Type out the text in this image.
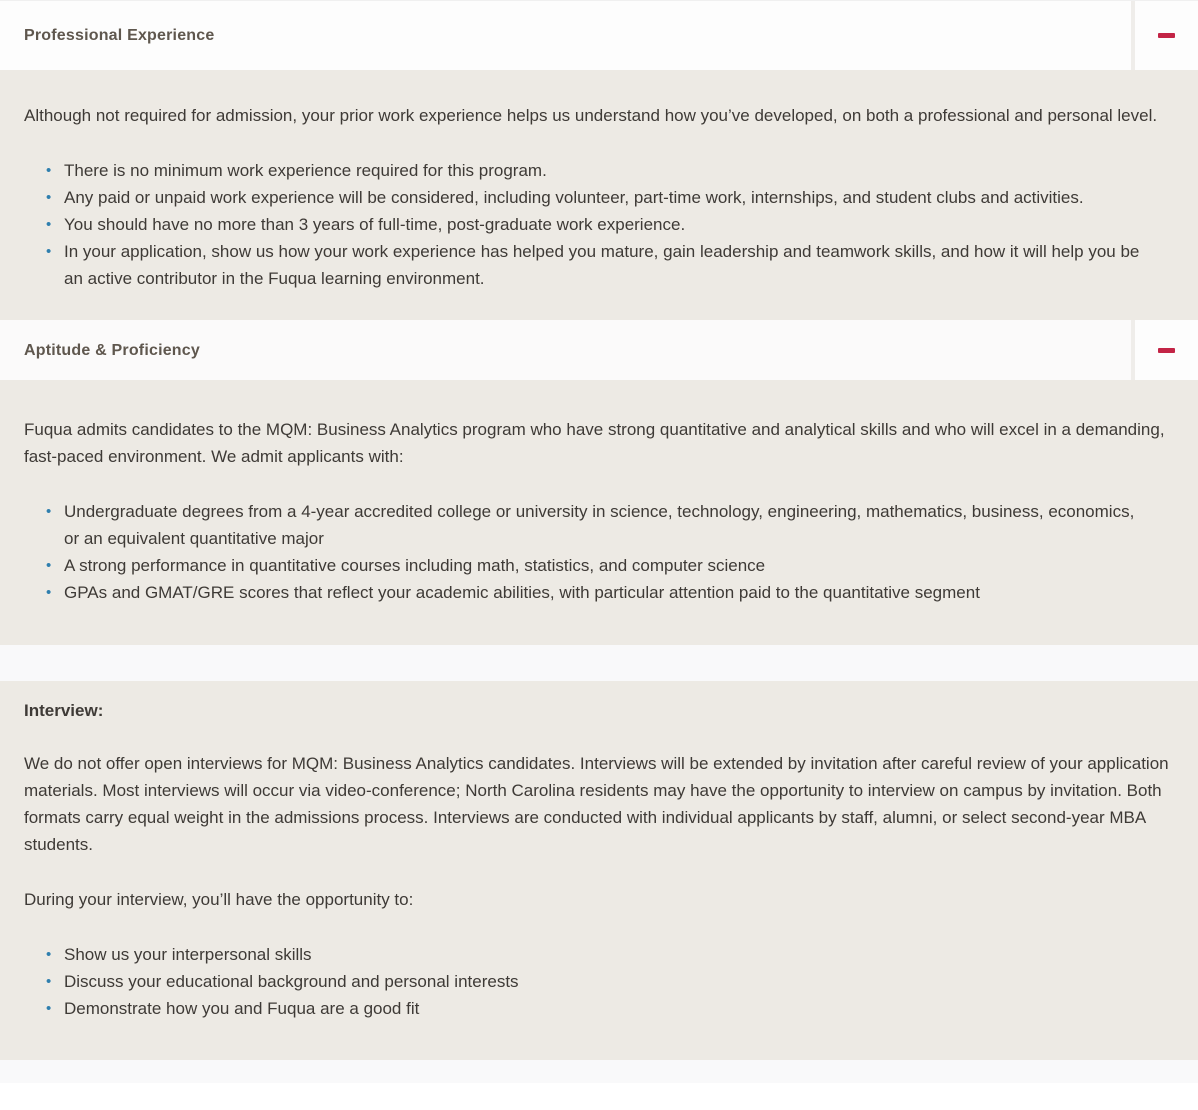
Professional Experience

Although not required for admission, your prior work experience helps us understand how you’ve developed, on both a professional and personal level.

• There is no minimum work experience required for this program.
• Any paid or unpaid work experience will be considered, including volunteer, part-time work, internships, and student clubs and activities.
• You should have no more than 3 years of full-time, post-graduate work experience.
• In your application, show us how your work experience has helped you mature, gain leadership and teamwork skills, and how it will help you be an active contributor in the Fuqua learning environment.
Aptitude & Proficiency

Fuqua admits candidates to the MQM: Business Analytics program who have strong quantitative and analytical skills and who will excel in a demanding, fast-paced environment. We admit applicants with:

• Undergraduate degrees from a 4-year accredited college or university in science, technology, engineering, mathematics, business, economics, or an equivalent quantitative major
• A strong performance in quantitative courses including math, statistics, and computer science
• GPAs and GMAT/GRE scores that reflect your academic abilities, with particular attention paid to the quantitative segment

Interview:

We do not offer open interviews for MQM: Business Analytics candidates. Interviews will be extended by invitation after careful review of your application materials. Most interviews will occur via video-conference; North Carolina residents may have the opportunity to interview on campus by invitation. Both formats carry equal weight in the admissions process. Interviews are conducted with individual applicants by staff, alumni, or select second-year MBA students.

During your interview, you’ll have the opportunity to:

• Show us your interpersonal skills
• Discuss your educational background and personal interests
• Demonstrate how you and Fuqua are a good fit
